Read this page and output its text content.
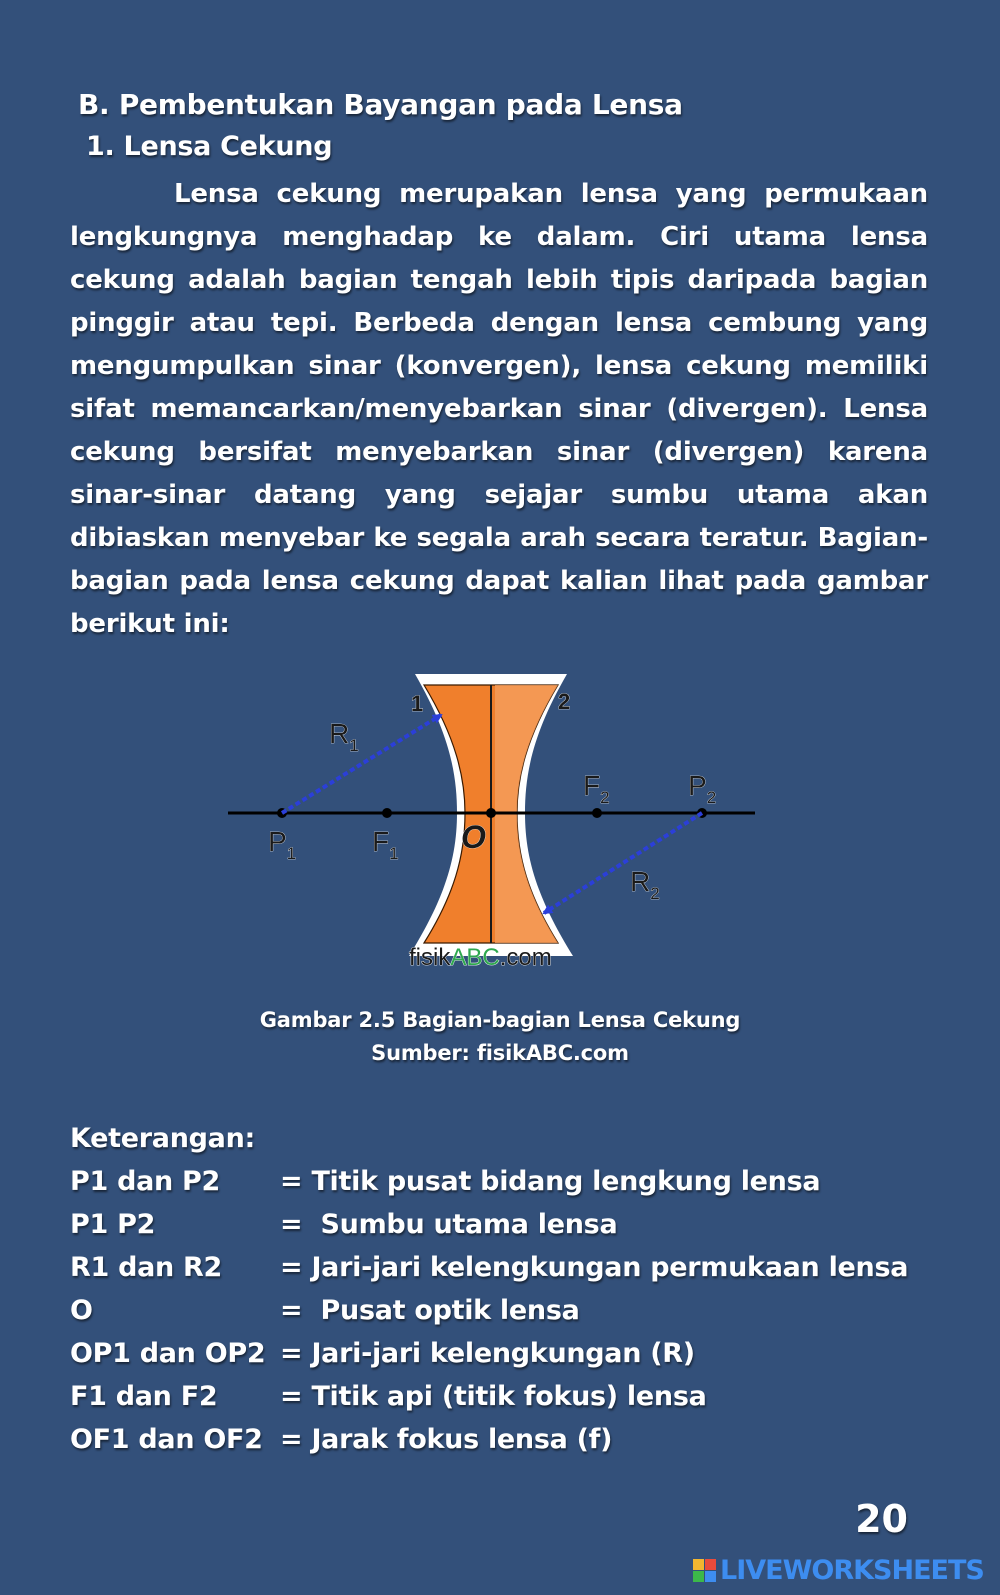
B. Pembentukan Bayangan pada Lensa
1. Lensa Cekung

Lensa cekung merupakan lensa yang permukaan lengkungnya menghadap ke dalam. Ciri utama lensa cekung adalah bagian tengah lebih tipis daripada bagian pinggir atau tepi. Berbeda dengan lensa cembung yang mengumpulkan sinar (konvergen), lensa cekung memiliki sifat memancarkan/menyebarkan sinar (divergen). Lensa cekung bersifat menyebarkan sinar (divergen) karena sinar-sinar datang yang sejajar sumbu utama akan dibiaskan menyebar ke segala arah secara teratur. Bagian-bagian pada lensa cekung dapat kalian lihat pada gambar berikut ini:

1	2
$R_1$
$R_2$
$P_1$	$F_1$
$F_2$	$P_2$
O
fisikABC.com
Gambar 2.5 Bagian-bagian Lensa Cekung
Sumber: fisikABC.com
Keterangan:
P1 dan P2	= Titik pusat bidang lengkung lensa
P1 P2	= Sumbu utama lensa
R1 dan R2	= Jari-jari kelengkungan permukaan lensa
O	= Pusat optik lensa
OP1 dan OP2 = Jari-jari kelengkungan (R)
F1 dan F2	= Titik api (titik fokus) lensa
OF1 dan OF2 = Jarak fokus lensa (f)
20
LIVEWORKSHEETS
